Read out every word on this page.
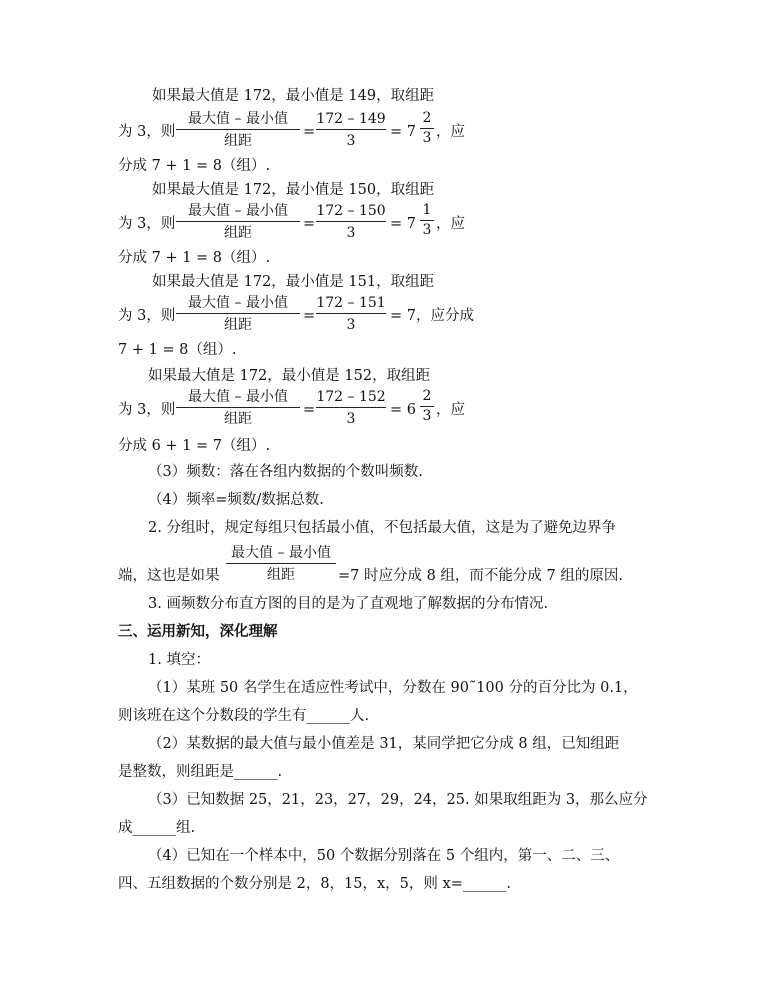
如果最大值是 172，最小值是 149，取组距
为 3，则
最大值 – 最小值
组距
=
172 – 149
3
= 7
2
3 ，应
分成 7 + 1 = 8（组）.
如果最大值是 172，最小值是 150，取组距
为 3，则
最大值 – 最小值
组距
=
172 – 150
3
= 7
1
3 ，应
分成 7 + 1 = 8（组）.
如果最大值是 172，最小值是 151，取组距
为 3，则
最大值 – 最小值
组距
=
172 – 151
3
= 7，应分成
7 + 1 = 8（组）.
如果最大值是 172，最小值是 152，取组距
为 3，则
最大值 – 最小值
组距
=
172 – 152
3
= 6
2
3 ，应
分成 6 + 1 = 7（组）.
（3）频数：落在各组内数据的个数叫频数.
（4）频率=频数/数据总数.
2. 分组时，规定每组只包括最小值，不包括最大值，这是为了避免边界争
端，这也是如果
最大值 – 最小值
组距	=7 时应分成 8 组，而不能分成 7 组的原因.
3. 画频数分布直方图的目的是为了直观地了解数据的分布情况.
三、运用新知，深化理解
1. 填空：
（1）某班 50 名学生在适应性考试中，分数在 90˜100 分的百分比为 0.1，
则该班在这个分数段的学生有______人.
（2）某数据的最大值与最小值差是 31，某同学把它分成 8 组，已知组距
是整数，则组距是______.
（3）已知数据 25，21，23，27，29，24，25. 如果取组距为 3，那么应分
成______组.
（4）已知在一个样本中，50 个数据分别落在 5 个组内，第一、二、三、
四、五组数据的个数分别是 2，8，15，x，5，则 x=______.
